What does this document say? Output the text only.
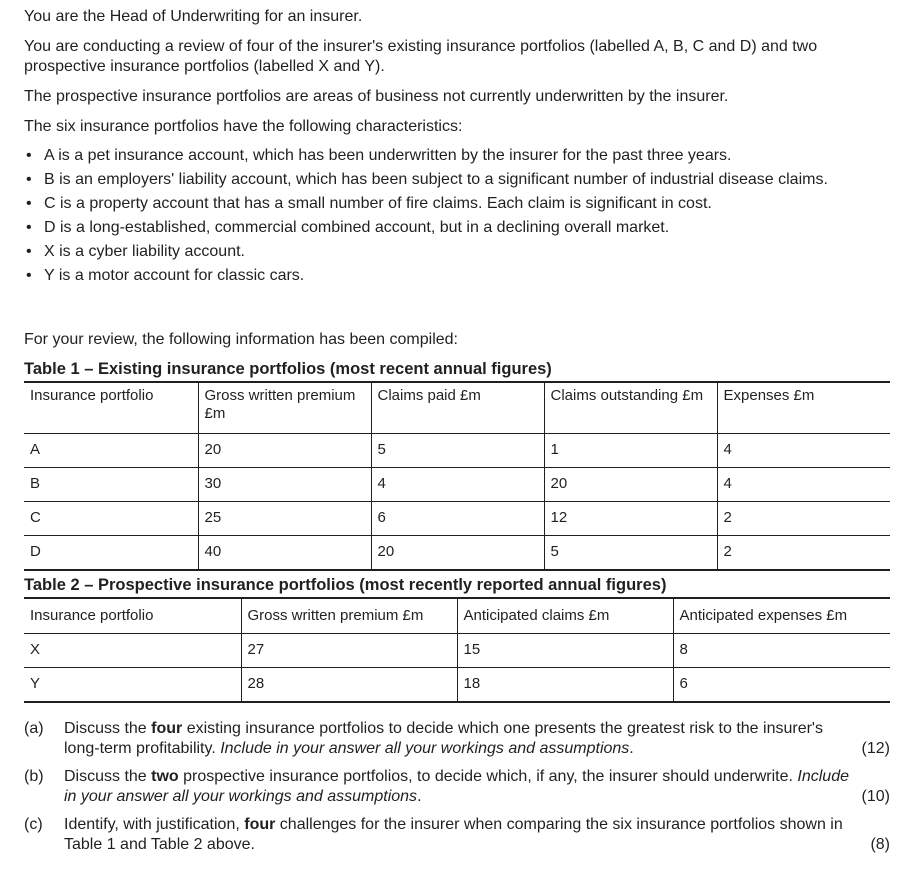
You are the Head of Underwriting for an insurer.

You are conducting a review of four of the insurer's existing insurance portfolios (labelled A, B, C and D) and two prospective insurance portfolios (labelled X and Y).

The prospective insurance portfolios are areas of business not currently underwritten by the insurer.

The six insurance portfolios have the following characteristics:

• A is a pet insurance account, which has been underwritten by the insurer for the past three years.
• B is an employers' liability account, which has been subject to a significant number of industrial disease claims.
• C is a property account that has a small number of fire claims. Each claim is significant in cost.
• D is a long-established, commercial combined account, but in a declining overall market.
• X is a cyber liability account.
• Y is a motor account for classic cars.

For your review, the following information has been compiled:

Table 1 – Existing insurance portfolios (most recent annual figures)
Insurance portfolio	Gross written premium £m	Claims paid £m	Claims outstanding £m	Expenses £m
A	20	5	1	4
B	30	4	20	4
C	25	6	12	2
D	40	20	5	2
Table 2 – Prospective insurance portfolios (most recently reported annual figures)
Insurance portfolio	Gross written premium £m	Anticipated claims £m	Anticipated expenses £m
X	27	15	8
Y	28	18	6
(a) Discuss the four existing insurance portfolios to decide which one presents the greatest risk to the insurer's long-term profitability. Include in your answer all your workings and assumptions.	(12)
(b) Discuss the two prospective insurance portfolios, to decide which, if any, the insurer should underwrite. Include in your answer all your workings and assumptions.	(10)
(c) Identify, with justification, four challenges for the insurer when comparing the six insurance portfolios shown in Table 1 and Table 2 above.	(8)
